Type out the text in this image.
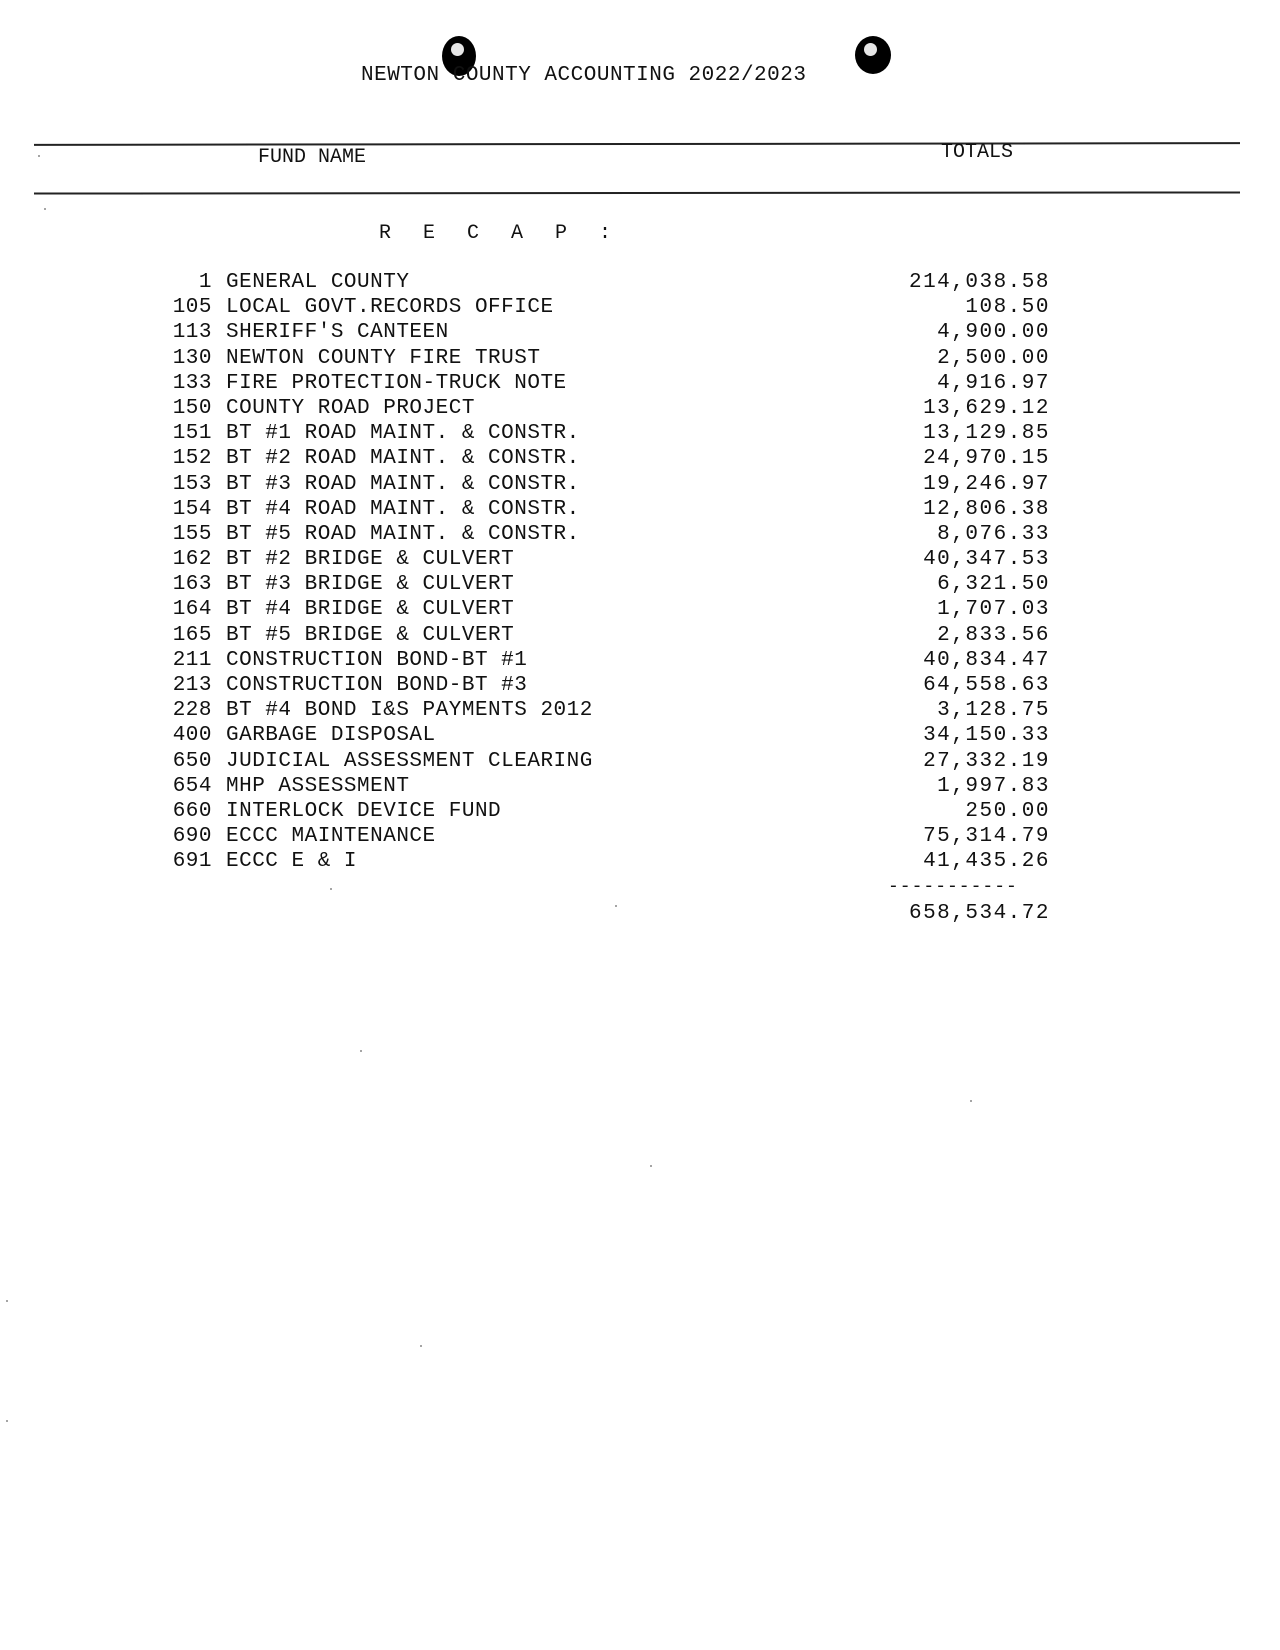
NEWTON COUNTY ACCOUNTING 2022/2023
FUND NAME	TOTALS
R E C A P :
1 GENERAL COUNTY	214,038.58
105 LOCAL GOVT.RECORDS OFFICE	108.50
113 SHERIFF'S CANTEEN	4,900.00
130 NEWTON COUNTY FIRE TRUST	2,500.00
133 FIRE PROTECTION-TRUCK NOTE	4,916.97
150 COUNTY ROAD PROJECT	13,629.12
151 BT #1 ROAD MAINT. & CONSTR.	13,129.85
152 BT #2 ROAD MAINT. & CONSTR.	24,970.15
153 BT #3 ROAD MAINT. & CONSTR.	19,246.97
154 BT #4 ROAD MAINT. & CONSTR.	12,806.38
155 BT #5 ROAD MAINT. & CONSTR.	8,076.33
162 BT #2 BRIDGE & CULVERT	40,347.53
163 BT #3 BRIDGE & CULVERT	6,321.50
164 BT #4 BRIDGE & CULVERT	1,707.03
165 BT #5 BRIDGE & CULVERT	2,833.56
211 CONSTRUCTION BOND-BT #1	40,834.47
213 CONSTRUCTION BOND-BT #3	64,558.63
228 BT #4 BOND I&S PAYMENTS 2012	3,128.75
400 GARBAGE DISPOSAL	34,150.33
650 JUDICIAL ASSESSMENT CLEARING	27,332.19
654 MHP ASSESSMENT	1,997.83
660 INTERLOCK DEVICE FUND	250.00
690 ECCC MAINTENANCE	75,314.79
691 ECCC E & I	41,435.26
-----------
658,534.72
